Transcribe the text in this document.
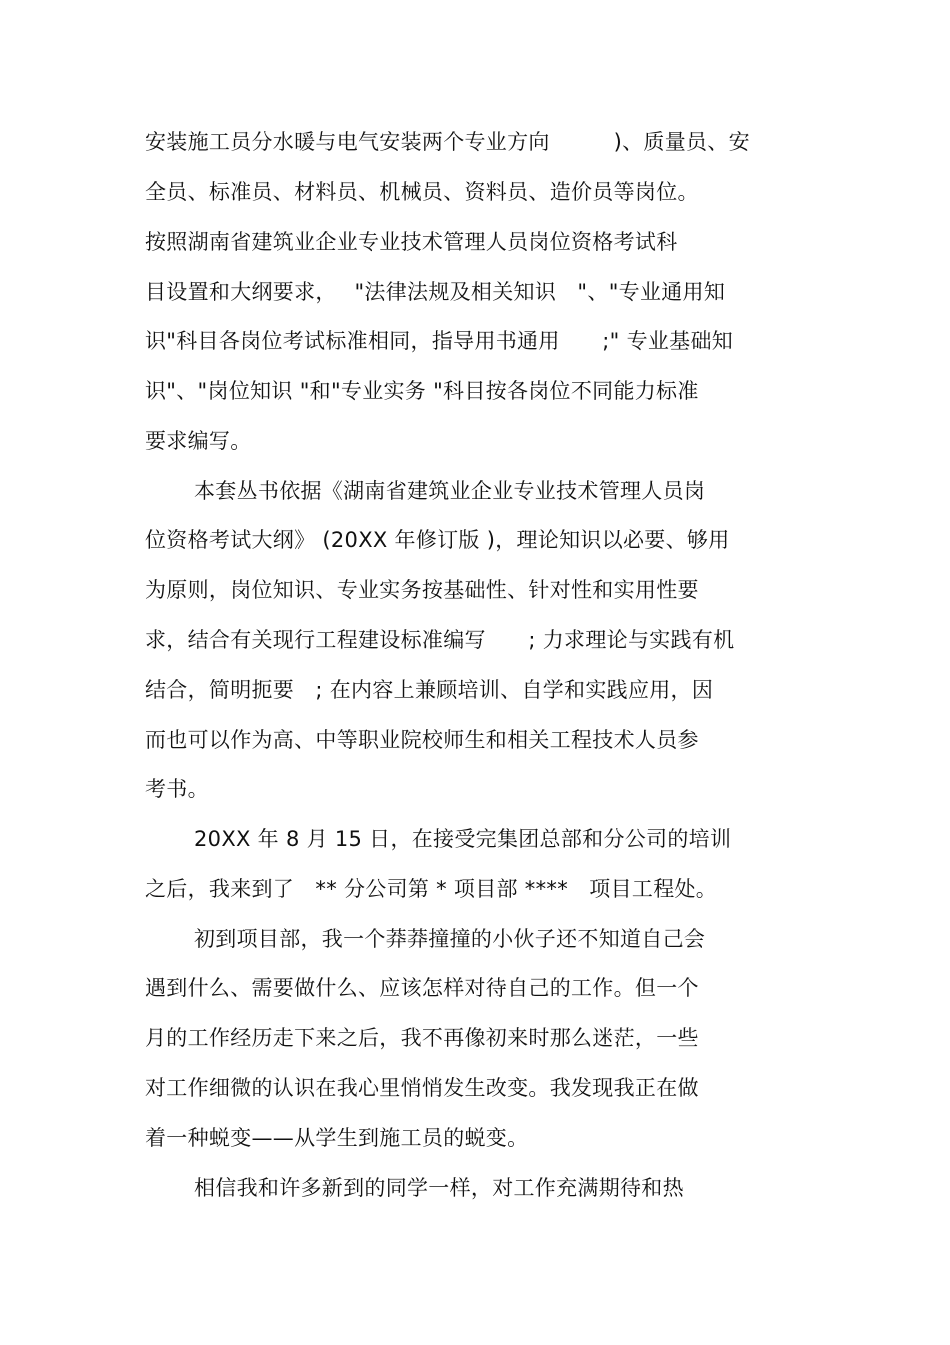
安装施工员分水暖与电气安装两个专业方向　　　)、质量员、安
全员、标准员、材料员、机械员、资料员、造价员等岗位。
按照湖南省建筑业企业专业技术管理人员岗位资格考试科
目设置和大纲要求，　 "法律法规及相关知识　"、"专业通用知
识"科目各岗位考试标准相同，指导用书通用　　;" 专业基础知
识"、"岗位知识 "和"专业实务 "科目按各岗位不同能力标准
要求编写。
本套丛书依据《湖南省建筑业企业专业技术管理人员岗
位资格考试大纲》 (20XX 年修订版 )，理论知识以必要、够用
为原则，岗位知识、专业实务按基础性、针对性和实用性要
求，结合有关现行工程建设标准编写　　; 力求理论与实践有机
结合，简明扼要　; 在内容上兼顾培训、自学和实践应用，因
而也可以作为高、中等职业院校师生和相关工程技术人员参
考书。
20XX 年 8 月 15 日，在接受完集团总部和分公司的培训
之后，我来到了　** 分公司第 * 项目部 ****　项目工程处。
初到项目部，我一个莽莽撞撞的小伙子还不知道自己会
遇到什么、需要做什么、应该怎样对待自己的工作。但一个
月的工作经历走下来之后，我不再像初来时那么迷茫，一些
对工作细微的认识在我心里悄悄发生改变。我发现我正在做
着一种蜕变——从学生到施工员的蜕变。
相信我和许多新到的同学一样，对工作充满期待和热
